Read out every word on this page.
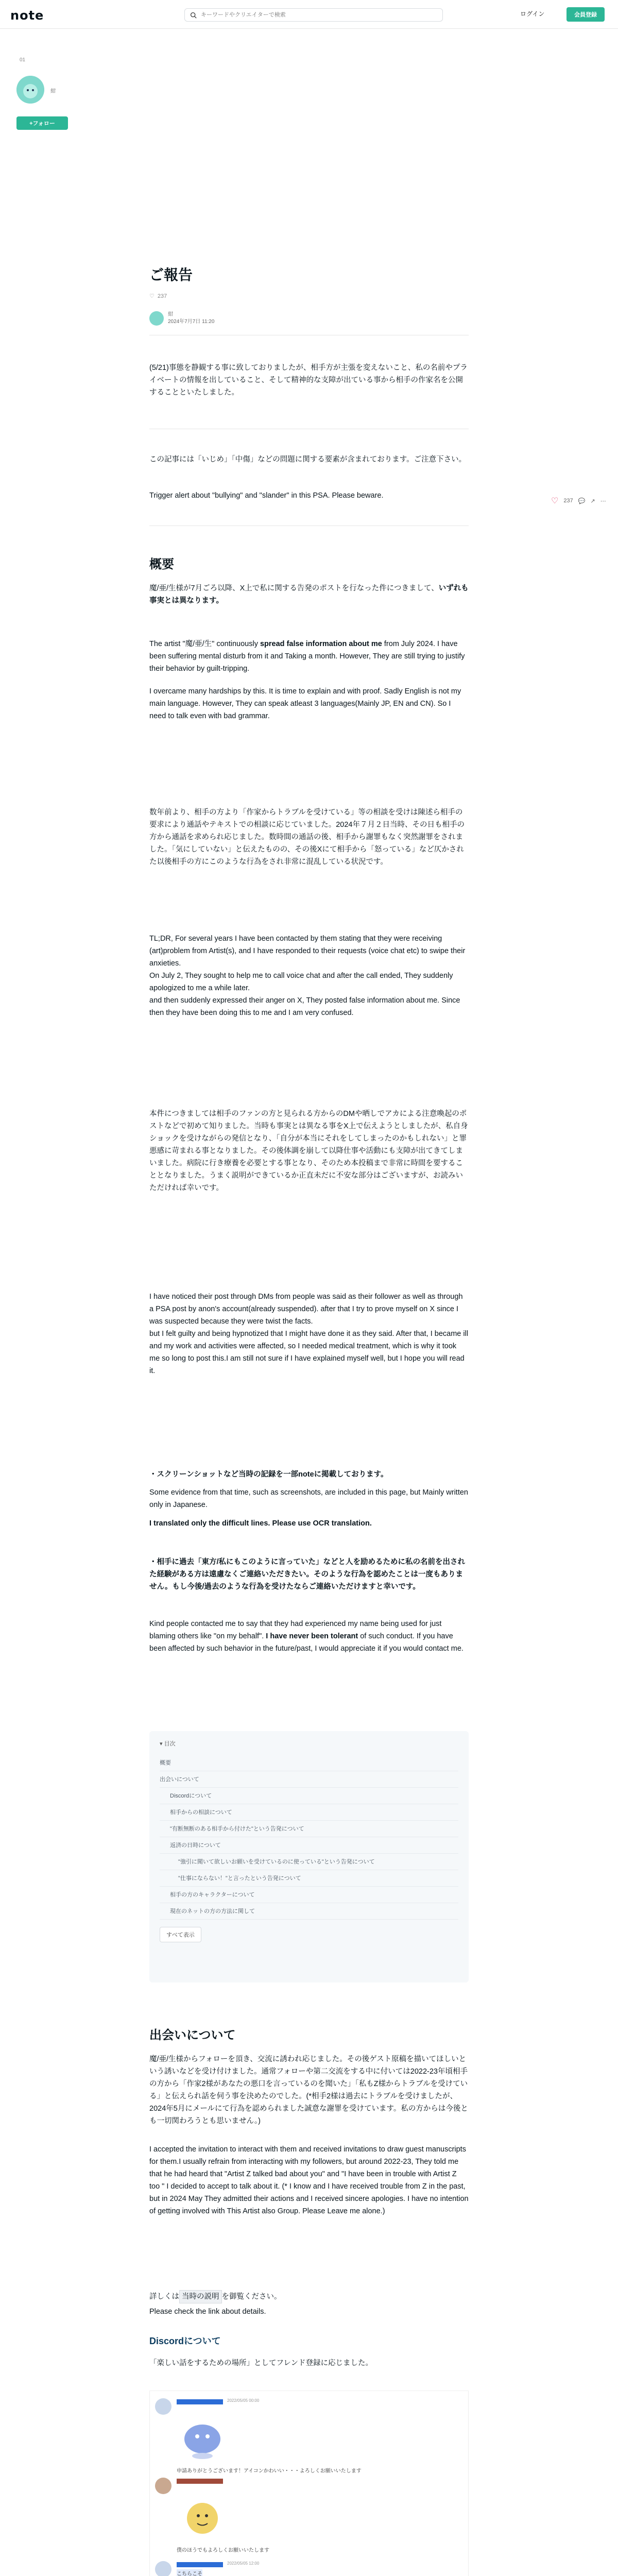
note
キーワードやクリエイターで検索	ログイン	会員登録
01
紺
+フォロー
ご報告
♡ 237
紺
2024年7月7日 11:20
(5/21)事態を静観する事に致しておりましたが、相手方が主張を変えないこと、私の名前やプライベートの情報を出していること、そして精神的な支障が出ている事から相手の作家名を公開することといたしました。
この記事には「いじめ」「中傷」などの問題に関する要素が含まれております。ご注意下さい。
Trigger alert about "bullying" and "slander" in this PSA. Please beware.
♡ 237 💬 ↗ ⋯
概要
魔/亜/生様が7月ごろ以降、X上で私に関する告発のポストを行なった件につきまして、いずれも事実とは異なります。
The artist "魔/亜/生" continuously spread false information about me from July 2024. I have been suffering mental disturb from it and Taking a month. However, They are still trying to justify their behavior by guilt-tripping.
I overcame many hardships by this. It is time to explain and with proof. Sadly English is not my main language. However, They can speak atleast 3 languages(Mainly JP, EN and CN). So I need to talk even with bad grammar.
数年前より、相手の方より「作家からトラブルを受けている」等の相談を受けは陳述ら相手の要求により通話やテキストでの相談に応じていました。2024年７月２日当時、その日も相手の方から通話を求められ応じました。数時間の通話の後、相手から謝罪もなく突然謝罪をされました。「気にしていない」と伝えたものの、その後Xにて相手から「怒っている」など仄かされた以後相手の方にこのような行為をされ非常に混乱している状況です。
TL;DR, For several years I have been contacted by them stating that they were receiving (art)problem from Artist(s), and I have responded to their requests (voice chat etc) to swipe their anxieties.
On July 2, They sought to help me to call voice chat and after the call ended, They suddenly apologized to me a while later.
and then suddenly expressed their anger on X, They posted false information about me. Since then they have been doing this to me and I am very confused.
本件につきましては相手のファンの方と見られる方からのDMや晒しでアカによる注意喚起のポストなどで初めて知りました。当時も事実とは異なる事をX上で伝えようとしましたが、私自身ショックを受けながらの発信となり、「自分が本当にそれをしてしまったのかもしれない」と罪悪感に苛まれる事となりました。その後体調を崩して以降仕事や活動にも支障が出てきてしまいました。病院に行き療養を必要とする事となり、そのため本投稿まで非常に時間を要することとなりました。うまく説明ができているか正直未だに不安な部分はございますが、お読みいただければ幸いです。
I have noticed their post through DMs from people was said as their follower as well as through a PSA post by anon's account(already suspended). after that I try to prove myself on X since I was suspected because they were twist the facts.
but I felt guilty and being hypnotized that I might have done it as they said. After that, I became ill and my work and activities were affected, so I needed medical treatment, which is why it took me so long to post this.I am still not sure if I have explained myself well, but I hope you will read it.
・スクリーンショットなど当時の記録を一部noteに掲載しております。
Some evidence from that time, such as screenshots, are included in this page, but Mainly written only in Japanese.
I translated only the difficult lines. Please use OCR translation.
・相手に過去「東方/私にもこのように言っていた」などと人を励めるために私の名前を出された経験がある方は遠慮なくご連絡いただきたい。そのような行為を認めたことは一度もありません。もし今後/過去のような行為を受けたならご連絡いただけますと幸いです。
Kind people contacted me to say that they had experienced my name being used for just blaming others like "on my behalf". I have never been tolerant of such conduct. If you have been affected by such behavior in the future/past, I would appreciate it if you would contact me.
▾ 目次
概要
出会いについて
Discordについて
相手からの相談について
"有断無断のある相手から付けた"という告発について
返済の日時について
"強引に聞いて欲しいお願いを受けているのに使っている"という告発について
"仕事にならない！"と言ったという告発について
相手の方のキャラクターについて
現在のネットの方の方法に関して
すべて表示
出会いについて
魔/亜/生様からフォローを頂き、交流に誘われ応じました。その後ゲスト原稿を描いてほしいという誘いなどを受け付けました。通常フォローや第二交流をする中に付いては2022-23年頃相手の方から「作家2様があなたの悪口を言っているのを聞いた」「私もZ様からトラブルを受けている」と伝えられ話を伺う事を決めたのでした。(*相手2様は過去にトラブルを受けましたが、2024年5月にメールにて行為を認められました誠意な謝罪を受けています。私の方からは今後とも一切関わろうとも思いません。)
I accepted the invitation to interact with them and received invitations to draw guest manuscripts for them.I usually refrain from interacting with my followers, but around 2022-23, They told me that he had heard that "Artist Z talked bad about you" and "I have been in trouble with Artist Z too " I decided to accept to talk about it. (* I know and I have received trouble from Z in the past, but in 2024 May They admitted their actions and I received sincere apologies. I have no intention of getting involved with This Artist also Group. Please Leave me alone.)
詳しくは 当時の説明 を御覧ください。
Please check the link about details.
Discordについて
「楽しい話をするための場所」としてフレンド登録に応じました。
2022/05/05 00:00
申請ありがとうございます！アイコンかわいい・・・よろしくお願いいたします
僕のほうでもよろしくお願いいたします
2022/05/05 12:00
こちらこそ
